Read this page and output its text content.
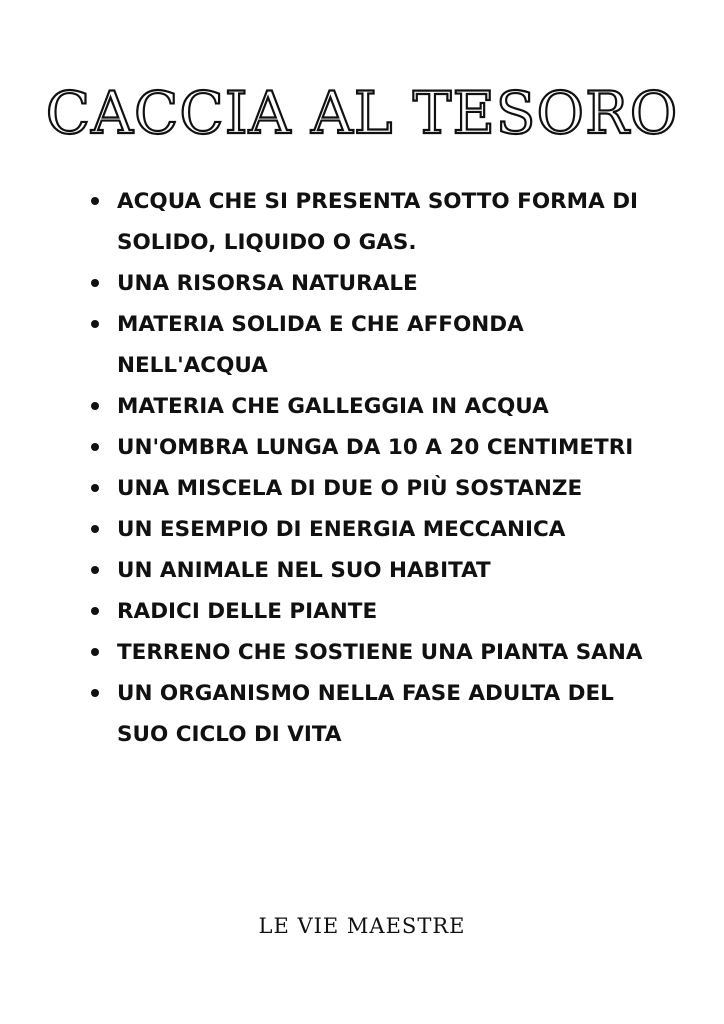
CACCIA AL TESORO
ACQUA CHE SI PRESENTA SOTTO FORMA DI SOLIDO, LIQUIDO O GAS.
UNA RISORSA NATURALE
MATERIA SOLIDA E CHE AFFONDA NELL'ACQUA
MATERIA CHE GALLEGGIA IN ACQUA
UN'OMBRA LUNGA DA 10 A 20 CENTIMETRI
UNA MISCELA DI DUE O PIÙ SOSTANZE
UN ESEMPIO DI ENERGIA MECCANICA
UN ANIMALE NEL SUO HABITAT
RADICI DELLE PIANTE
TERRENO CHE SOSTIENE UNA PIANTA SANA
UN ORGANISMO NELLA FASE ADULTA DEL SUO CICLO DI VITA

LE VIE MAESTRE
